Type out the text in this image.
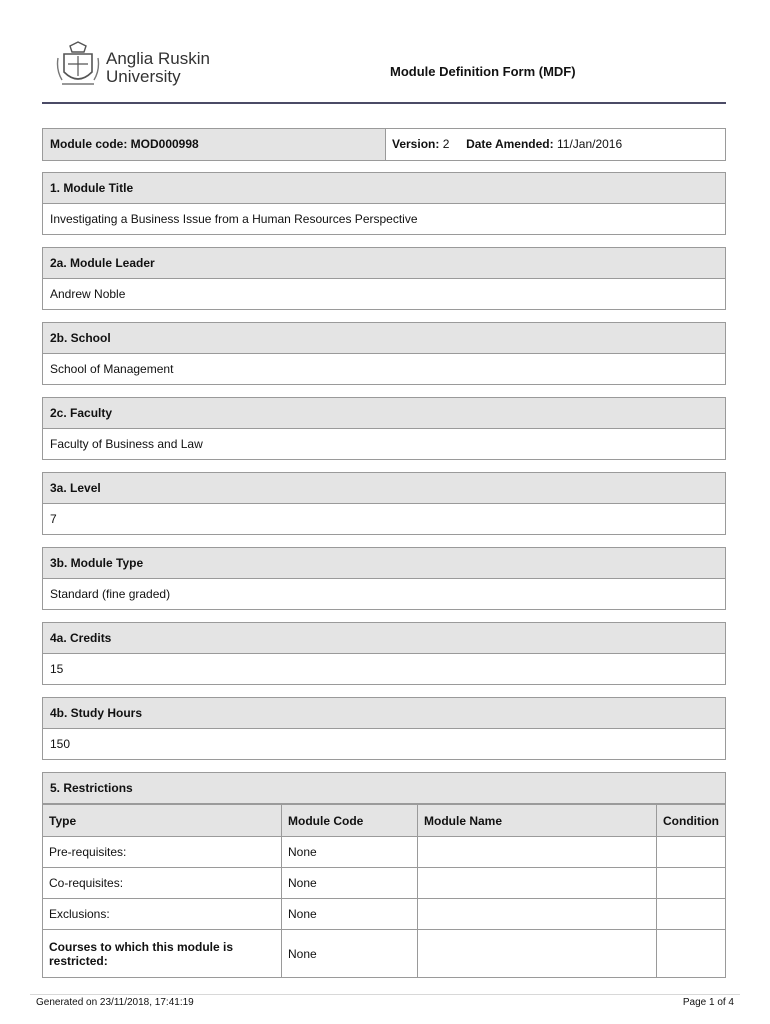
Anglia Ruskin
University	Module Definition Form (MDF)
Module code: MOD000998	Version: 2 Date Amended: 11/Jan/2016
1. Module Title
Investigating a Business Issue from a Human Resources Perspective
2a. Module Leader
Andrew Noble
2b. School
School of Management
2c. Faculty
Faculty of Business and Law
3a. Level
7
3b. Module Type
Standard (fine graded)
4a. Credits
15
4b. Study Hours
150
5. Restrictions
Type	Module Code	Module Name	Condition
Pre-requisites:	None		
Co-requisites:	None		
Exclusions:	None		
Courses to which this module is restricted:	None		
Generated on 23/11/2018, 17:41:19	Page 1 of 4
